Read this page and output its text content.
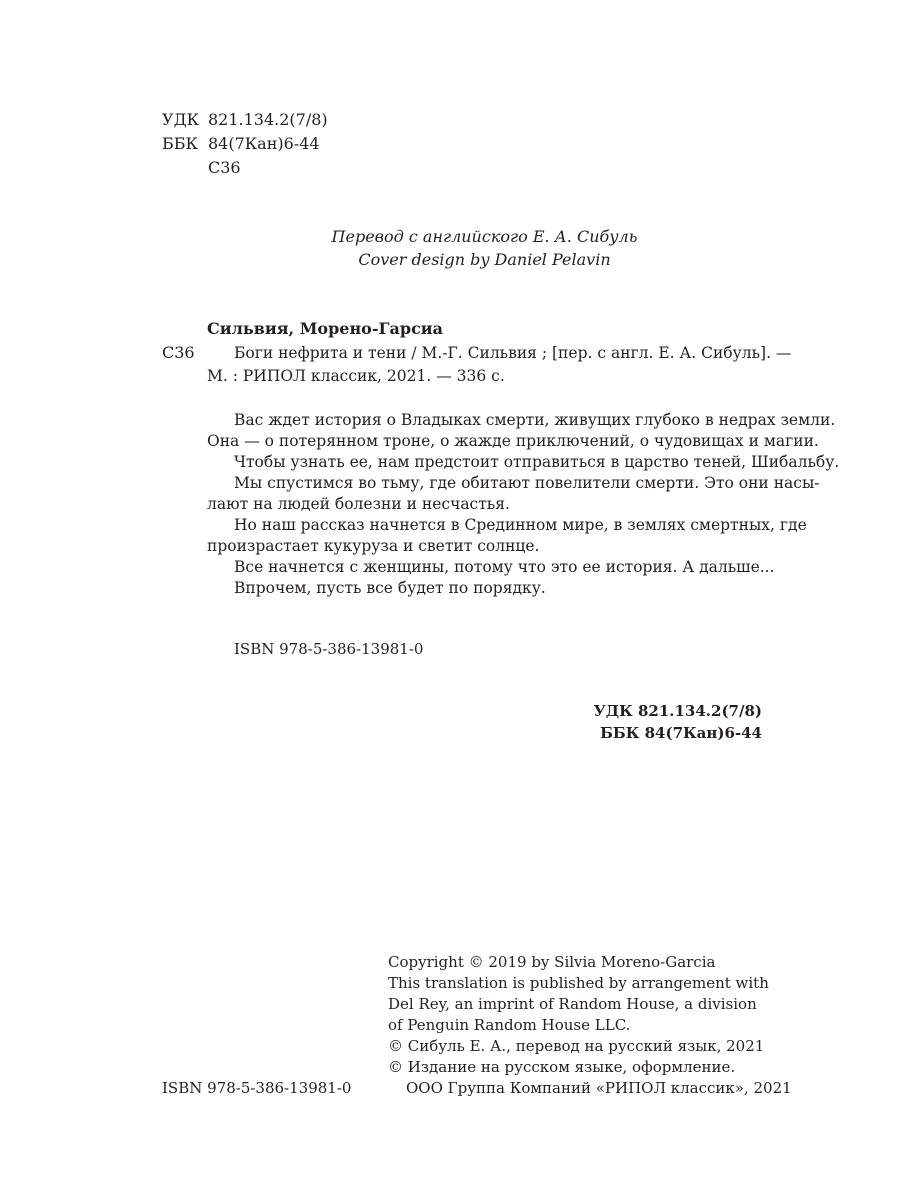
УДК 821.134.2(7/8)
ББК 84(7Кан)6-44
С36
Перевод с английского Е. А. Сибуль
Cover design by Daniel Pelavin
Сильвия, Морено-Гарсиа
С36	Боги нефрита и тени / М.-Г. Сильвия ; [пер. с англ. Е. А. Сибуль]. —
М. : РИПОЛ классик, 2021. — 336 с.
Вас ждет история о Владыках смерти, живущих глубоко в недрах земли.
Она — о потерянном троне, о жажде приключений, о чудовищах и магии.
Чтобы узнать ее, нам предстоит отправиться в царство теней, Шибальбу.
Мы спустимся во тьму, где обитают повелители смерти. Это они насы-
лают на людей болезни и несчастья.
Но наш рассказ начнется в Срединном мире, в землях смертных, где
произрастает кукуруза и светит солнце.
Все начнется с женщины, потому что это ее история. А дальше...
Впрочем, пусть все будет по порядку.
ISBN 978-5-386-13981-0
УДК 821.134.2(7/8)
ББК 84(7Кан)6-44
Copyright © 2019 by Silvia Moreno-Garcia
This translation is published by arrangement with
Del Rey, an imprint of Random House, a division
of Penguin Random House LLC.
© Сибуль Е. А., перевод на русский язык, 2021
© Издание на русском языке, оформление.
ООО Группа Компаний «РИПОЛ классик», 2021
ISBN 978-5-386-13981-0
